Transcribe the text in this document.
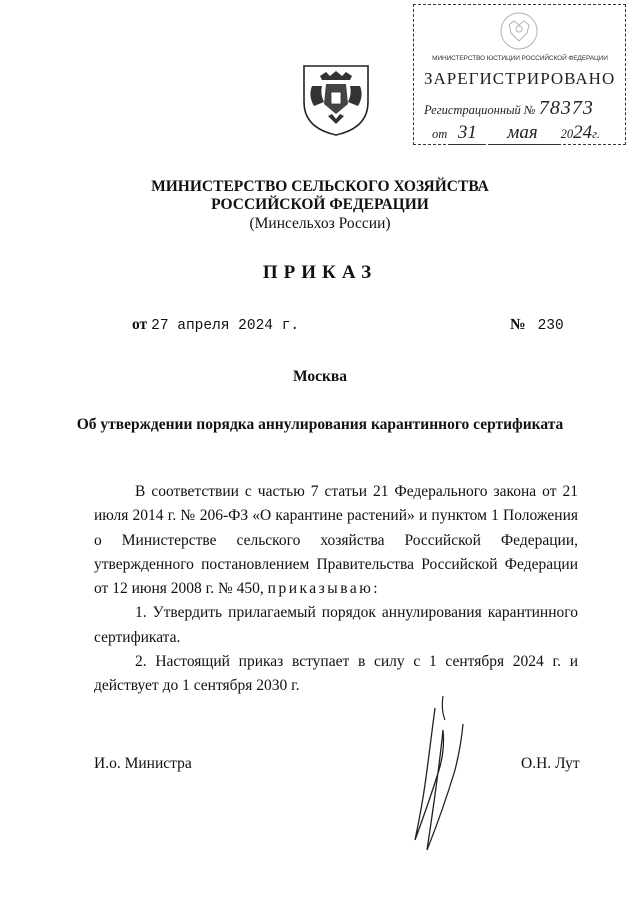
МИНИСТЕРСТВО ЮСТИЦИИ РОССИЙСКОЙ ФЕДЕРАЦИИ
ЗАРЕГИСТРИРОВАНО
Регистрационный № 78373
от 31 мая 2024г.
МИНИСТЕРСТВО СЕЛЬСКОГО ХОЗЯЙСТВА
РОССИЙСКОЙ ФЕДЕРАЦИИ
(Минсельхоз России)
ПРИКАЗ
от 27 апреля 2024 г.	№ 230
Москва
Об утверждении порядка аннулирования карантинного сертификата

В соответствии с частью 7 статьи 21 Федерального закона от 21 июля 2014 г. № 206-ФЗ «О карантине растений» и пунктом 1 Положения о Министерстве сельского хозяйства Российской Федерации, утвержденного постановлением Правительства Российской Федерации от 12 июня 2008 г. № 450, приказываю:

1. Утвердить прилагаемый порядок аннулирования карантинного сертификата.

2. Настоящий приказ вступает в силу с 1 сентября 2024 г. и действует до 1 сентября 2030 г.

И.о. Министра	О.Н. Лут
